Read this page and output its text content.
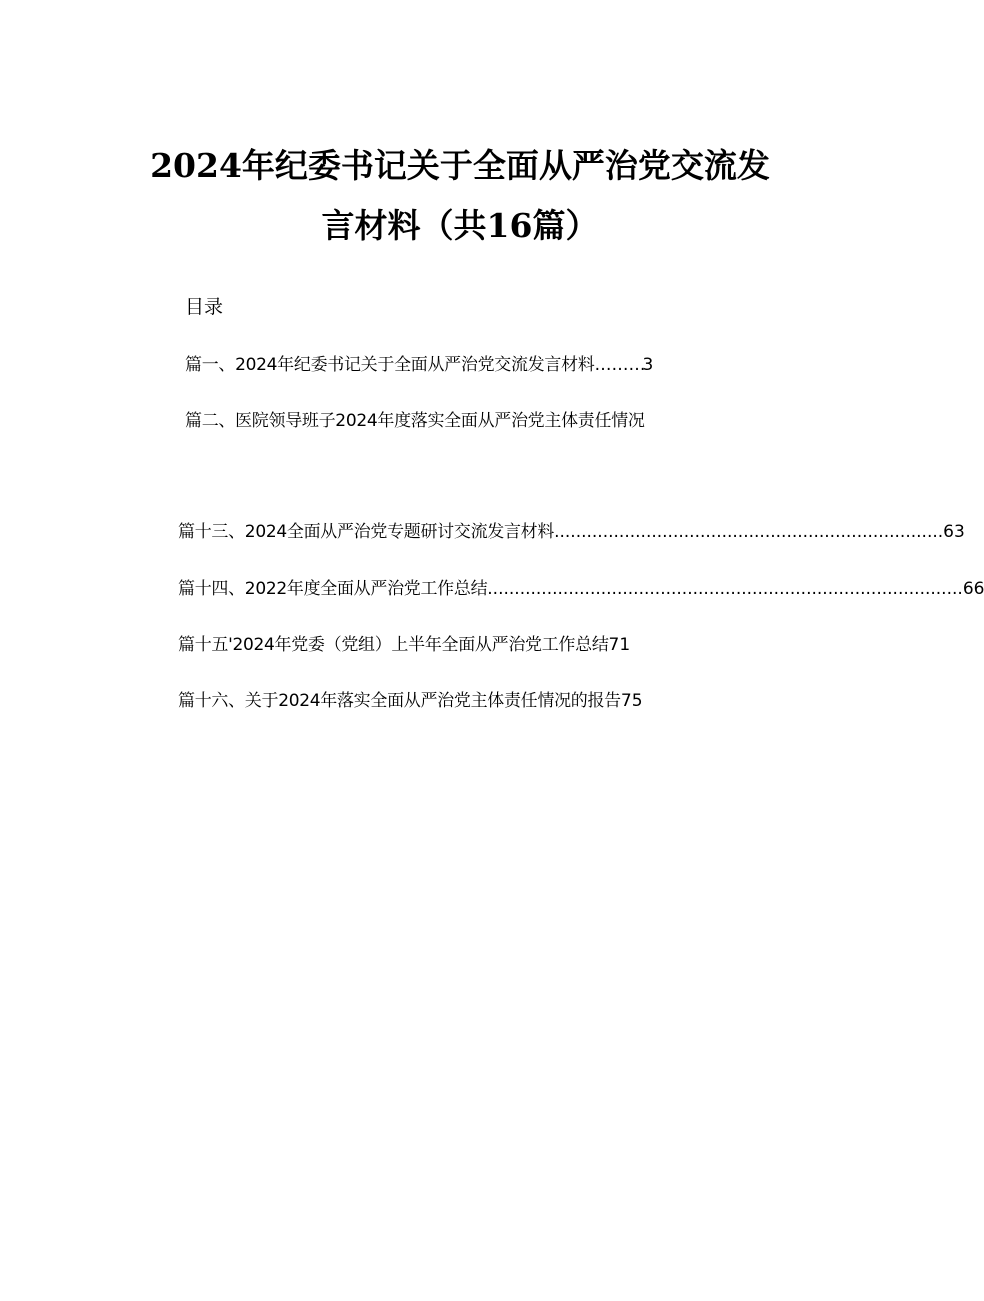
2024年纪委书记关于全面从严治党交流发
言材料（共16篇）
目录
篇一、2024年纪委书记关于全面从严治党交流发言材料 ………
3
篇二、医院领导班子2024年度落实全面从严治党主体责任情况
篇十三、2024全面从严治党专题研讨交流发言材料 ........................................................................ 63
篇十四、2022年度全面从严治党工作总结 ........................................................................................ 66
篇十五'2024年党委（党组）上半年全面从严治党工作总结 71
篇十六、关于2024年落实全面从严治党主体责任情况的报告 75
